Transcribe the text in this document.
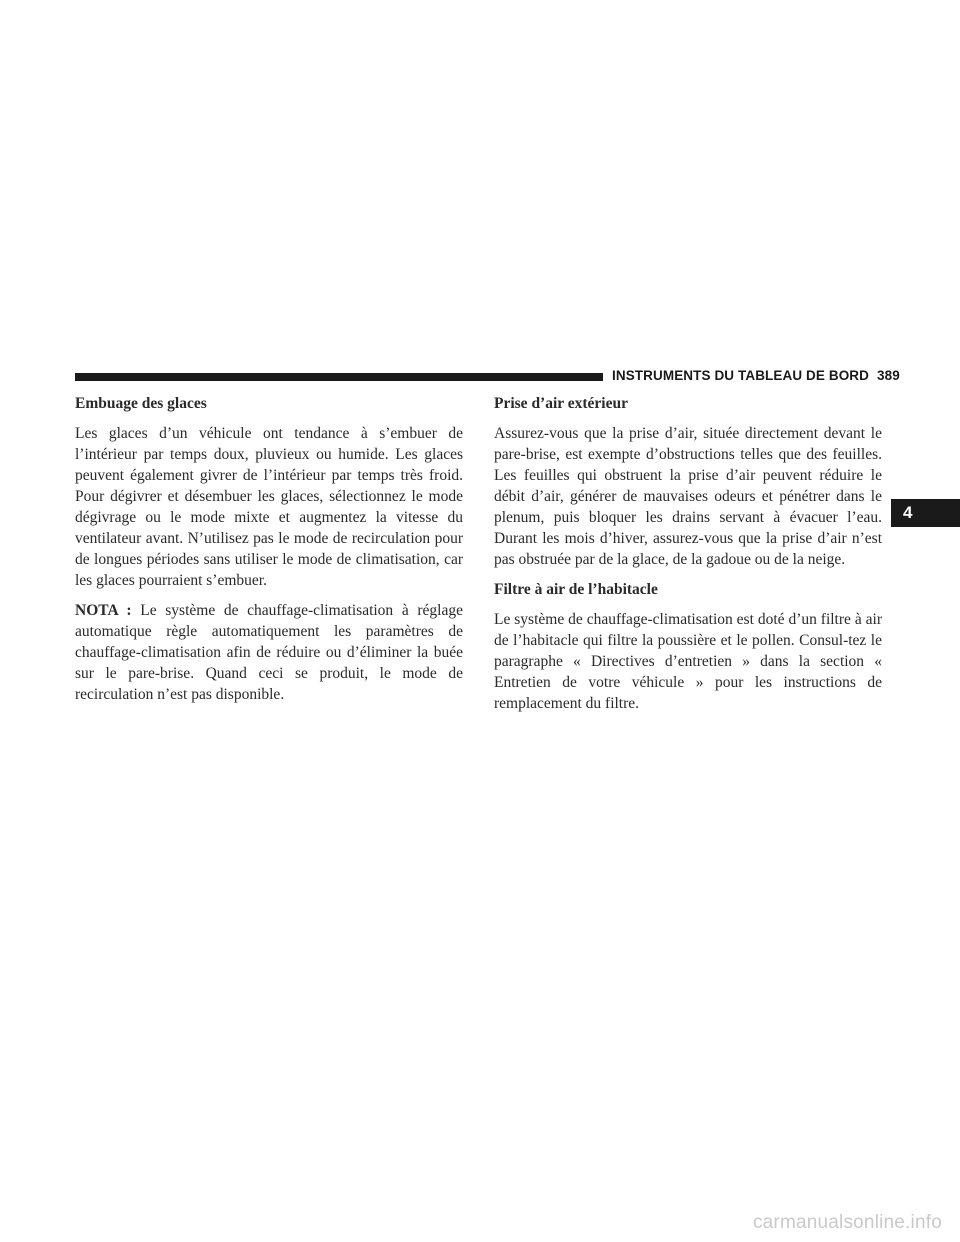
INSTRUMENTS DU TABLEAU DE BORD 389
4
Embuage des glaces

Les glaces d’un véhicule ont tendance à s’embuer de l’intérieur par temps doux, pluvieux ou humide. Les glaces peuvent également givrer de l’intérieur par temps très froid. Pour dégivrer et désembuer les glaces, sélectionnez le mode dégivrage ou le mode mixte et augmentez la vitesse du ventilateur avant. N’utilisez pas le mode de recirculation pour de longues périodes sans utiliser le mode de climatisation, car les glaces pourraient s’embuer.

NOTA : Le système de chauffage-climatisation à réglage automatique règle automatiquement les paramètres de chauffage-climatisation afin de réduire ou d’éliminer la buée sur le pare-brise. Quand ceci se produit, le mode de recirculation n’est pas disponible.

Prise d’air extérieur

Assurez-vous que la prise d’air, située directement devant le pare-brise, est exempte d’obstructions telles que des feuilles. Les feuilles qui obstruent la prise d’air peuvent réduire le débit d’air, générer de mauvaises odeurs et pénétrer dans le plenum, puis bloquer les drains servant à évacuer l’eau. Durant les mois d’hiver, assurez-vous que la prise d’air n’est pas obstruée par de la glace, de la gadoue ou de la neige.

Filtre à air de l’habitacle

Le système de chauffage-climatisation est doté d’un filtre à air de l’habitacle qui filtre la poussière et le pollen. Consul-tez le paragraphe « Directives d’entretien » dans la section « Entretien de votre véhicule » pour les instructions de remplacement du filtre.

carmanualsonline.info
